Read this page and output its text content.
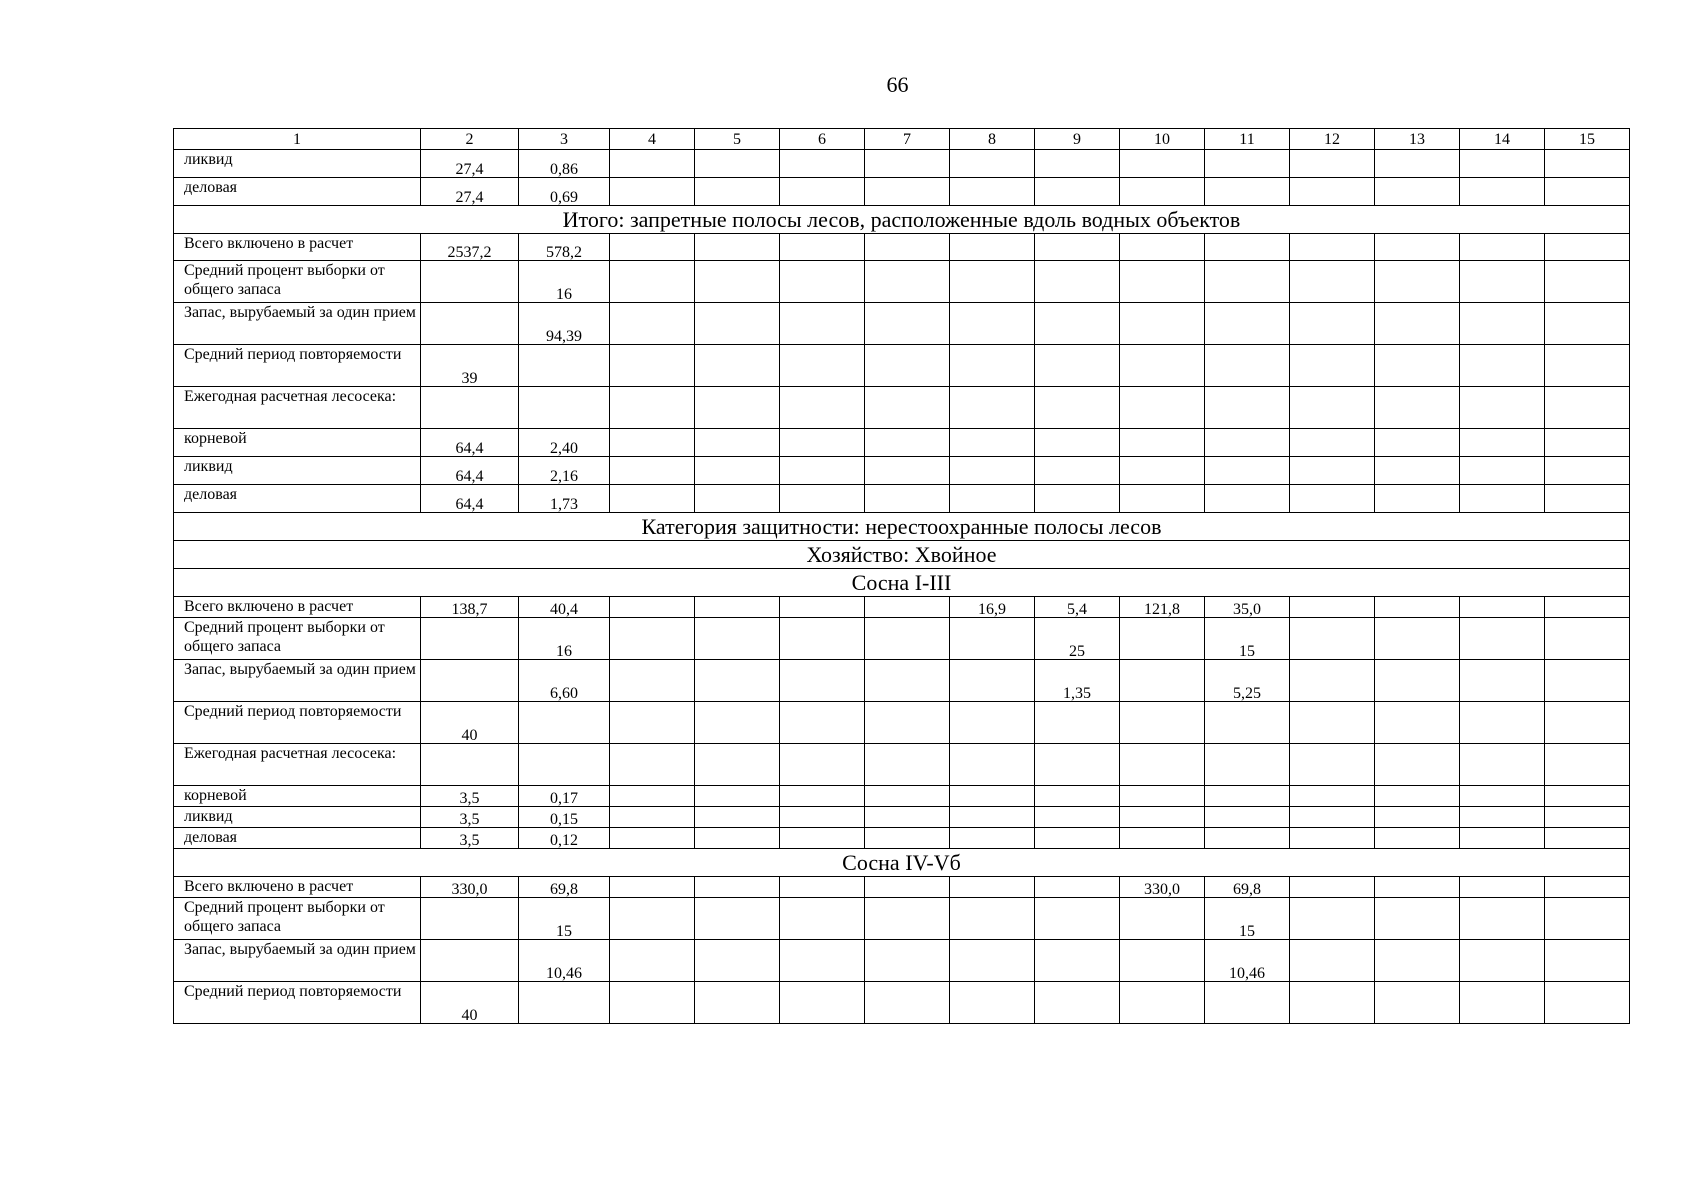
66
1	2	3	4	5	6	7	8	9	10	11	12	13	14	15
ликвид	27,4	0,86												
деловая	27,4	0,69												
Итого: запретные полосы лесов, расположенные вдоль водных объектов														
Всего включено в расчет	2537,2	578,2												
Средний процент выборки от общего запаса		16												
Запас, вырубаемый за один прием		94,39												
Средний период повторяемости	39													
Ежегодная расчетная лесосека:														
корневой	64,4	2,40												
ликвид	64,4	2,16												
деловая	64,4	1,73												
Категория защитности: нерестоохранные полосы лесов														
Хозяйство: Хвойное														
Сосна I-III														
Всего включено в расчет	138,7	40,4					16,9	5,4	121,8	35,0				
Средний процент выборки от общего запаса		16						25		15				
Запас, вырубаемый за один прием		6,60						1,35		5,25				
Средний период повторяемости	40													
Ежегодная расчетная лесосека:														
корневой	3,5	0,17												
ликвид	3,5	0,15												
деловая	3,5	0,12												
Сосна IV-Vб														
Всего включено в расчет	330,0	69,8							330,0	69,8				
Средний процент выборки от общего запаса		15								15				
Запас, вырубаемый за один прием		10,46								10,46				
Средний период повторяемости	40													
